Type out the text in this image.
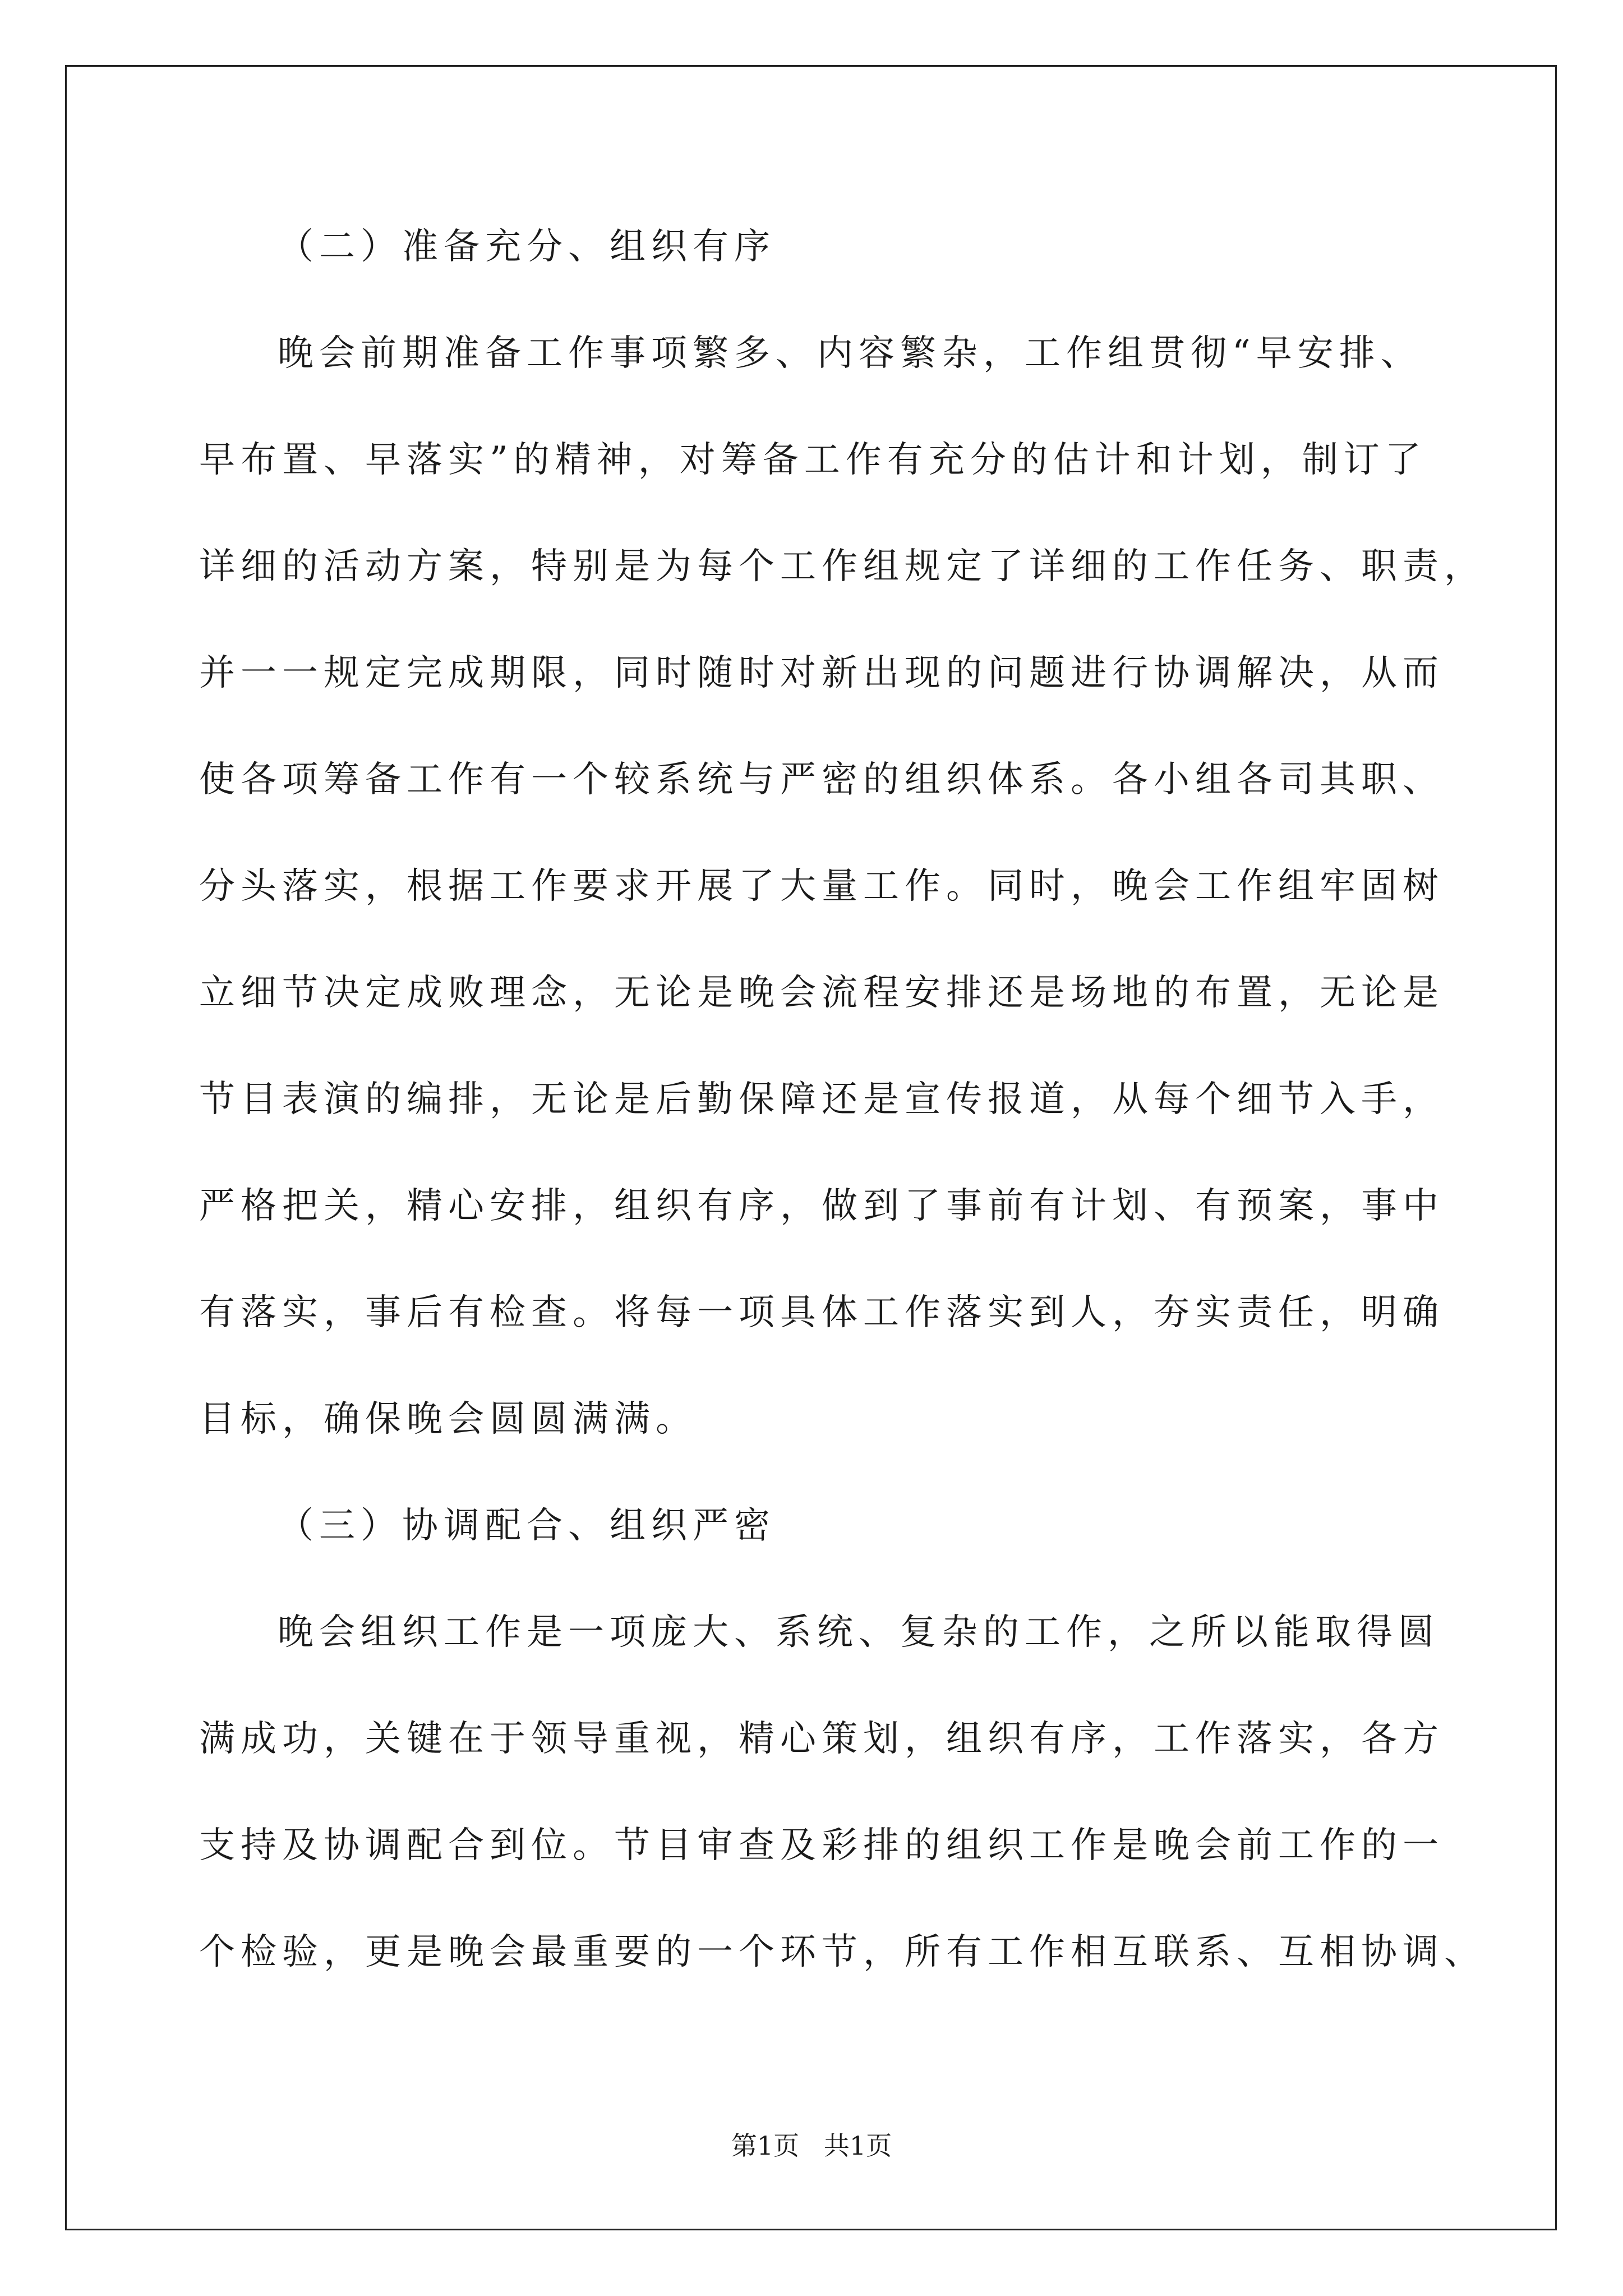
（二）准备充分、组织有序
晚会前期准备工作事项繁多、内容繁杂，工作组贯彻“早安排、
早布置、早落实”的精神，对筹备工作有充分的估计和计划，制订了
详细的活动方案，特别是为每个工作组规定了详细的工作任务、职责，
并一一规定完成期限，同时随时对新出现的问题进行协调解决，从而
使各项筹备工作有一个较系统与严密的组织体系。各小组各司其职、
分头落实，根据工作要求开展了大量工作。同时，晚会工作组牢固树
立细节决定成败理念，无论是晚会流程安排还是场地的布置，无论是
节目表演的编排，无论是后勤保障还是宣传报道，从每个细节入手，
严格把关，精心安排，组织有序，做到了事前有计划、有预案，事中
有落实，事后有检查。将每一项具体工作落实到人，夯实责任，明确
目标，确保晚会圆圆满满。
（三）协调配合、组织严密
晚会组织工作是一项庞大、系统、复杂的工作，之所以能取得圆
满成功，关键在于领导重视，精心策划，组织有序，工作落实，各方
支持及协调配合到位。节目审查及彩排的组织工作是晚会前工作的一
个检验，更是晚会最重要的一个环节，所有工作相互联系、互相协调、
第1页   共1页
